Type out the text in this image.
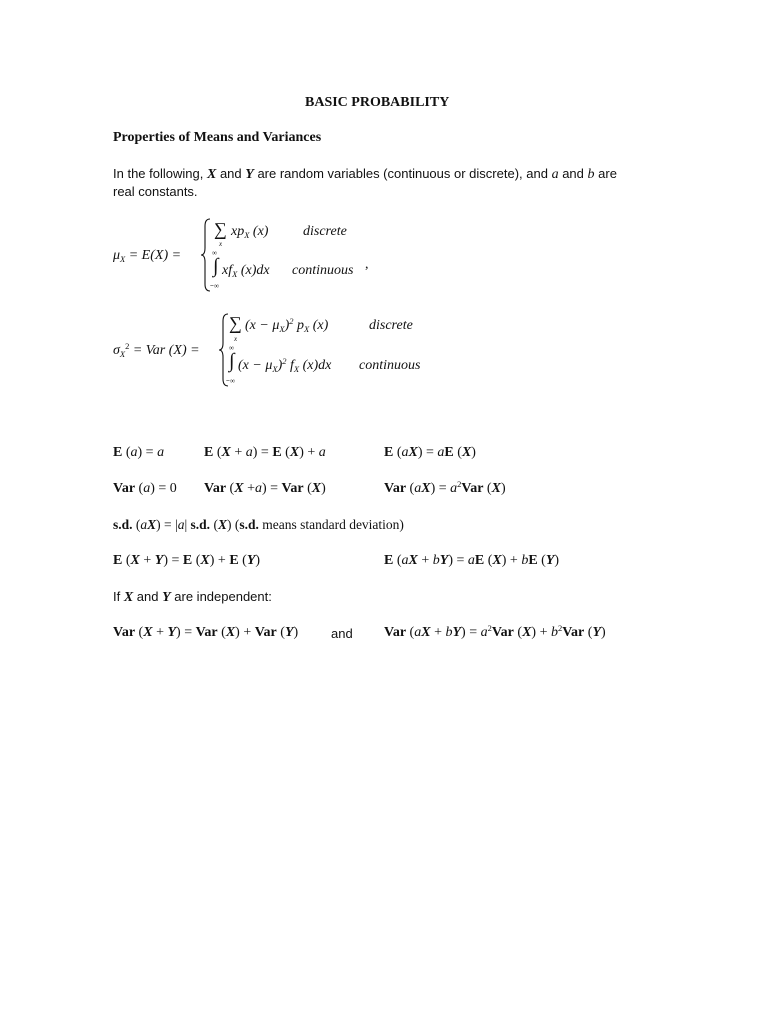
BASIC PROBABILITY
Properties of Means and Variances
In the following, X and Y are random variables (continuous or discrete), and a and b are
real constants.
$\mu_X = E(X)$ =
∑
x
$xp_X$ (x) discrete
∞
∫
−∞
$xf_X$ (x)dx continuous ,
$\sigma_X^2$ = Var (X) =
∑
x
$(x - \mu_X)^2$ $p_X$ (x)	discrete
∞
∫
−∞
$(x - \mu_X)^2$ $f_X$ (x)dx continuous
E (a) = a	E (X + a) = E (X) + a	E (aX) = aE (X)
Var (a) = 0 Var (X +a) = Var (X)	Var $(aX) = a^2Var$ (X)
s.d. (aX) = |a| s.d. (X) (s.d. means standard deviation)
E (X + Y) = E (X) + E (Y)	E (aX + bY) = aE (X) + bE (Y)
If X and Y are independent:
Var (X + Y) = Var (X) + Var (Y)	and Var $(aX + bY) = a^2Var$ $(X) + b^2Var$ (Y)
